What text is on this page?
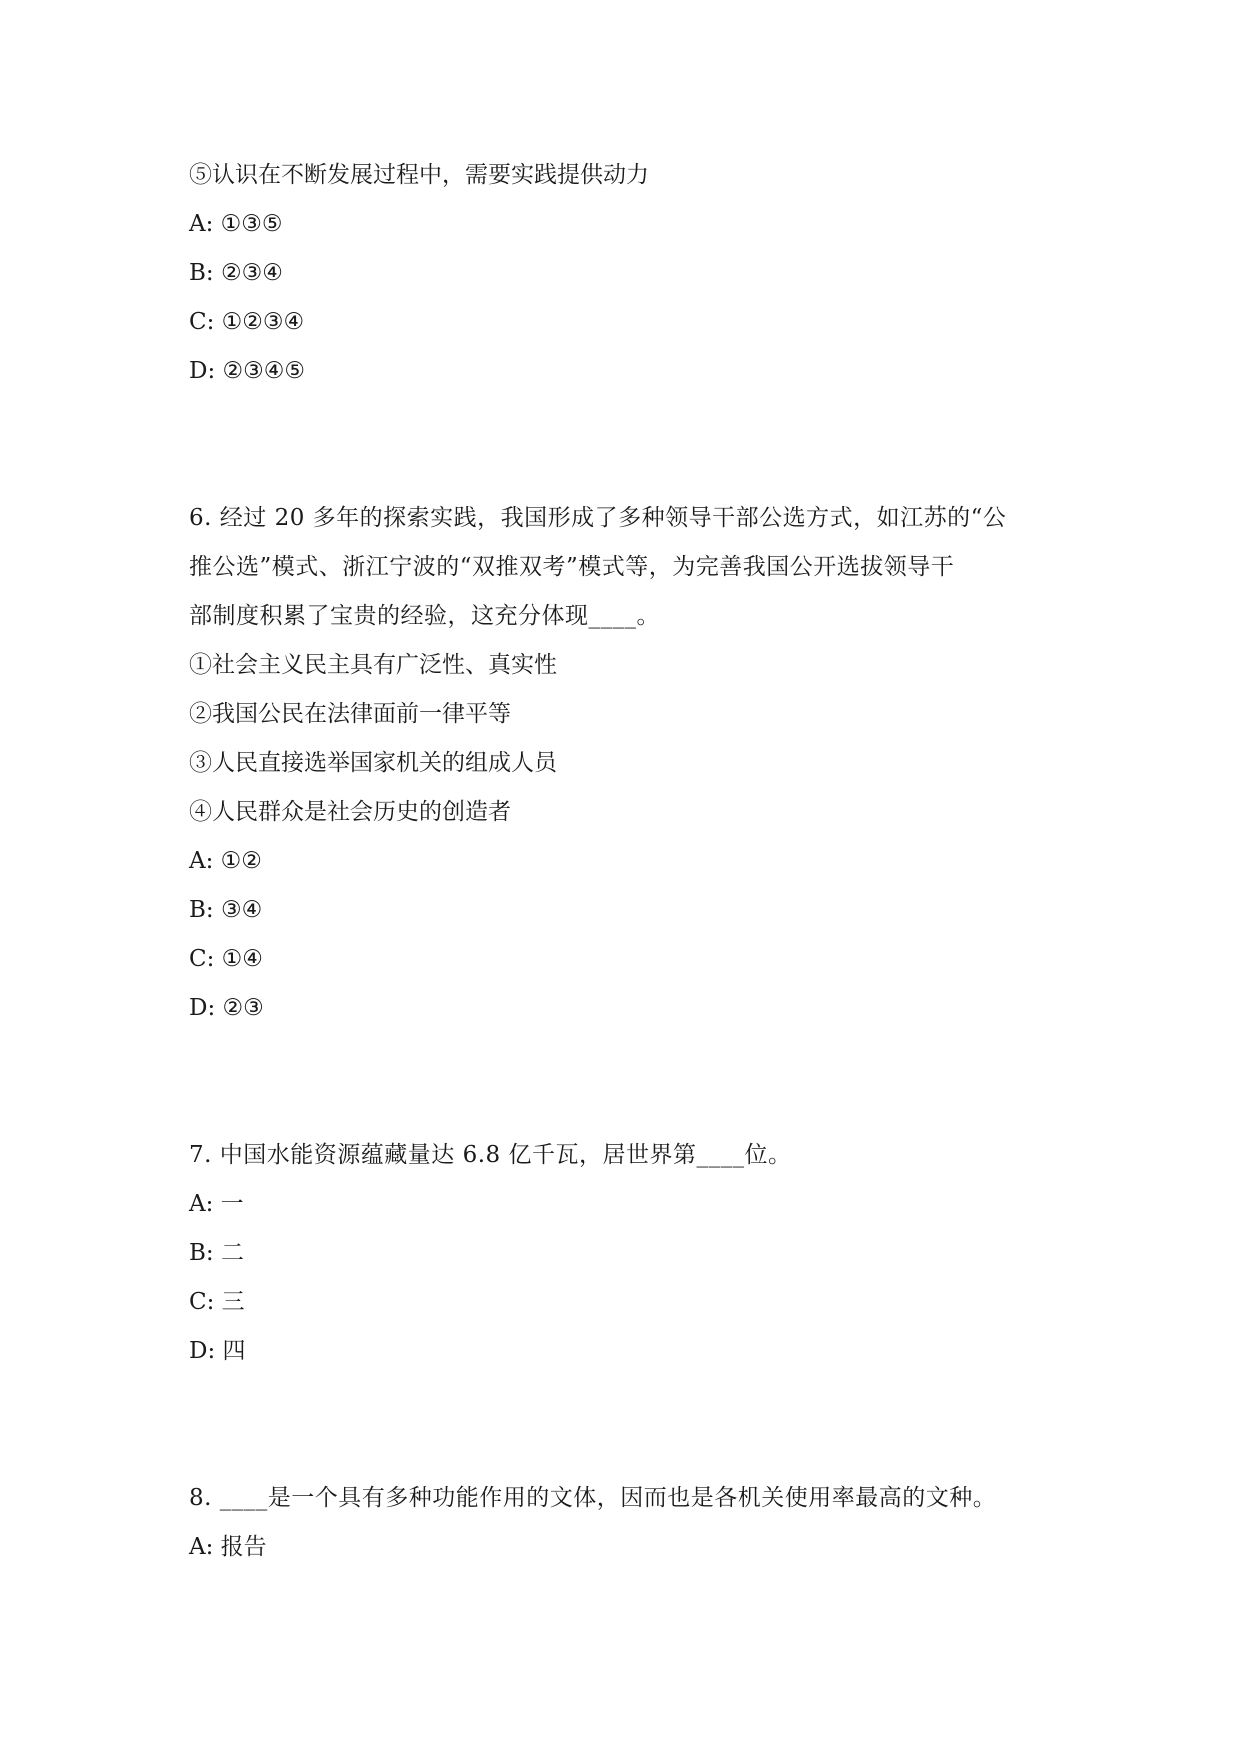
⑤认识在不断发展过程中，需要实践提供动力
A: ①③⑤
B: ②③④
C: ①②③④
D: ②③④⑤
6. 经过 20 多年的探索实践，我国形成了多种领导干部公选方式，如江苏的“公
推公选”模式、浙江宁波的“双推双考”模式等，为完善我国公开选拔领导干
部制度积累了宝贵的经验，这充分体现____。
①社会主义民主具有广泛性、真实性
②我国公民在法律面前一律平等
③人民直接选举国家机关的组成人员
④人民群众是社会历史的创造者
A: ①②
B: ③④
C: ①④
D: ②③
7. 中国水能资源蕴藏量达 6.8 亿千瓦，居世界第____位。
A: 一
B: 二
C: 三
D: 四
8. ____是一个具有多种功能作用的文体，因而也是各机关使用率最高的文种。
A: 报告
